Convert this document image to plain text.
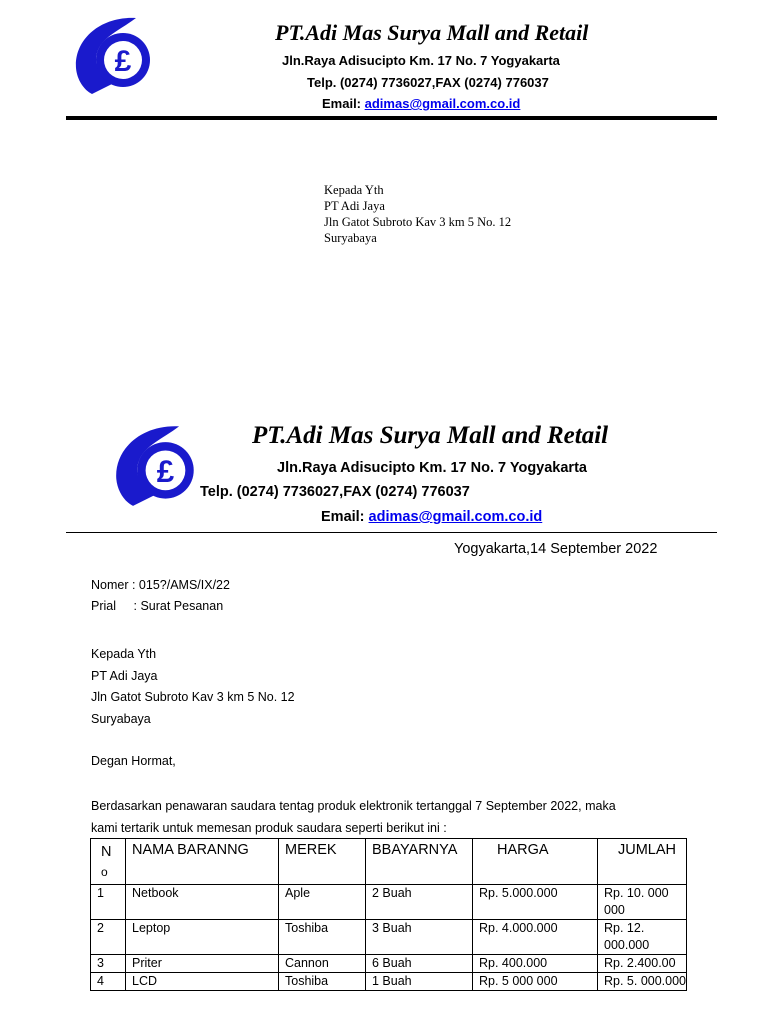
£
PT.Adi Mas Surya Mall and Retail
Jln.Raya Adisucipto Km. 17 No. 7 Yogyakarta
Telp. (0274) 7736027,FAX (0274) 776037
Email: adimas@gmail.com.co.id
Kepada Yth
PT Adi Jaya
Jln Gatot Subroto Kav 3 km 5 No. 12
Suryabaya
£
PT.Adi Mas Surya Mall and Retail
Jln.Raya Adisucipto Km. 17 No. 7 Yogyakarta
Telp. (0274) 7736027,FAX (0274) 776037
Email: adimas@gmail.com.co.id
Yogyakarta,14 September 2022
Nomer : 015?/AMS/IX/22
Prial : Surat Pesanan
Kepada Yth
PT Adi Jaya
Jln Gatot Subroto Kav 3 km 5 No. 12
Suryabaya
Degan Hormat,
Berdasarkan penawaran saudara tentag produk elektronik tertanggal 7 September 2022, maka
kami tertarik untuk memesan produk saudara seperti berikut ini :
N
o	NAMA BARANNG	MEREK	BBAYARNYA	HARGA	JUMLAH
1	Netbook	Aple	2 Buah	Rp. 5.000.000	Rp. 10. 000 000
2	Leptop	Toshiba	3 Buah	Rp. 4.000.000	Rp. 12. 000.000
3	Priter	Cannon	6 Buah	Rp. 400.000	Rp. 2.400.00
4	LCD	Toshiba	1 Buah	Rp. 5 000 000	Rp. 5. 000.000
